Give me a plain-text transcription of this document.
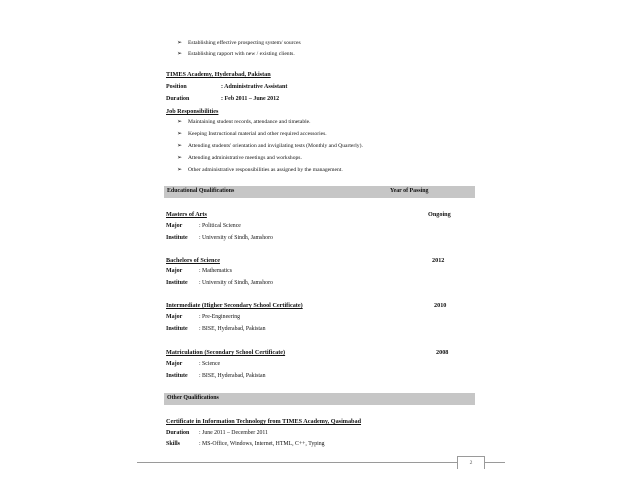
➢ Establishing effective prospecting system/ sources
➢ Establishing rapport with new / existing clients.
TIMES Academy, Hyderabad, Pakistan
Position	: Administrative Assistant
Duration	: Feb 2011 – June 2012
Job Responsibilities
➢ Maintaining student records, attendance and timetable.
➢ Keeping Instructional material and other required accessories.
➢ Attending students' orientation and invigilating tests (Monthly and Quarterly).
➢ Attending administrative meetings and workshops.
➢ Other administrative responsibilities as assigned by the management.
Educational Qualifications	Year of Passing
Masters of Arts	Ongoing
Major	: Political Science
Institute : University of Sindh, Jamshoro
Bachelors of Science	2012
Major	: Mathematics
Institute : University of Sindh, Jamshoro
Intermediate (Higher Secondary School Certificate)	2010
Major	: Pre-Engineering
Institute : BISE, Hyderabad, Pakistan
Matriculation (Secondary School Certificate)	2008
Major	: Science
Institute : BISE, Hyderabad, Pakistan
Other Qualifications
Certificate in Information Technology from TIMES Academy, Qasimabad
Duration : June 2011 – December 2011
Skills	: MS-Office, Windows, Internet, HTML, C++, Typing
2
